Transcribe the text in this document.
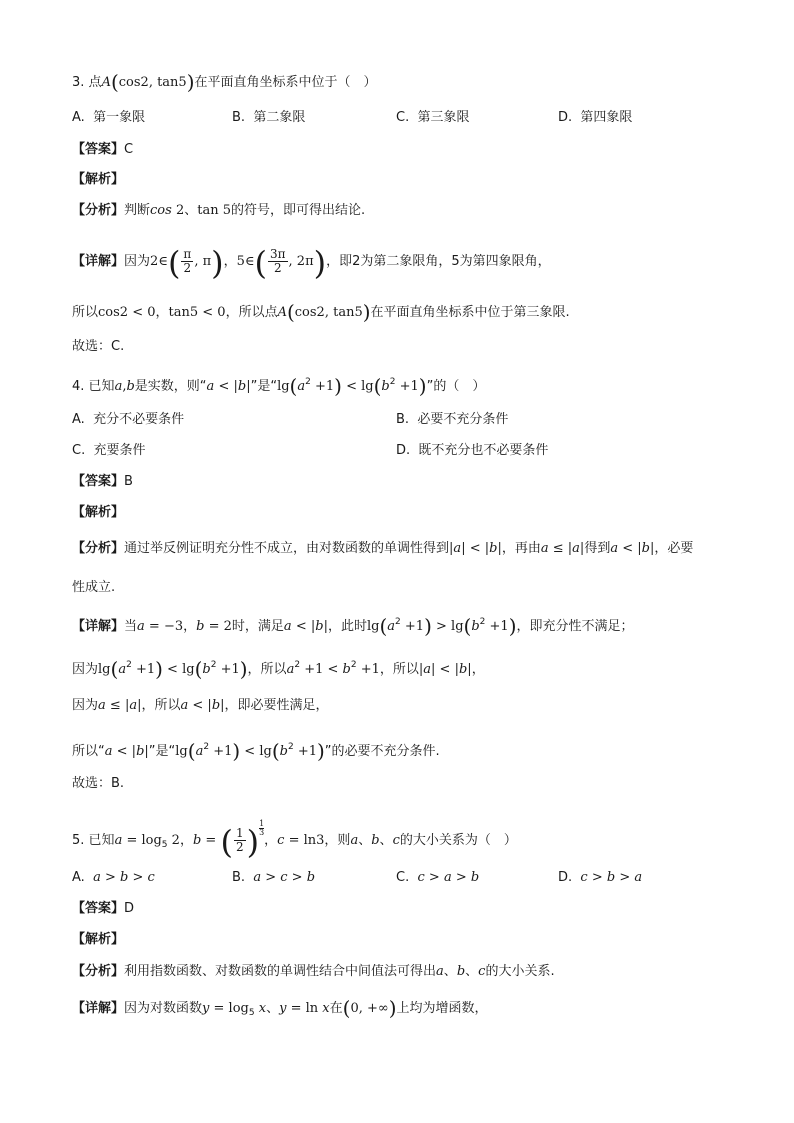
3. 点A(cos2, tan5)在平面直角坐标系中位于（　）
A. 第一象限	B. 第二象限	C. 第三象限	D. 第四象限
【答案】C
【解析】
【分析】判断cos 2、tan 5的符号，即可得出结论.
【详解】因为2∈( $\frac{\pi}{2}$ , π)，5∈( $\frac{3\pi}{2}$ , 2π)，即2为第二象限角，5为第四象限角，
所以cos2 < 0，tan5 < 0，所以点A(cos2, tan5)在平面直角坐标系中位于第三象限.
故选：C.
4. 已知a,b是实数，则“a < |b|”是“$\lg(a^2 +1) < \lg(b^2 +1)$”的（　）
A. 充分不必要条件	B. 必要不充分条件
C. 充要条件	D. 既不充分也不必要条件
【答案】B
【解析】
【分析】通过举反例证明充分性不成立，由对数函数的单调性得到|a| < |b|，再由a ≤ |a|得到a < |b|，必要
性成立.
【详解】当a = −3，b = 2时，满足a < |b|，此时$\lg(a^2 +1) > \lg(b^2 +1)$，即充分性不满足；
因为$\lg(a^2 +1) < \lg(b^2 +1)$，所以$a^2 +1 < b^2 +1$，所以|a| < |b|，
因为a ≤ |a|，所以a < |b|，即必要性满足，
所以“a < |b|”是“$\lg(a^2 +1) < \lg(b^2 +1)$”的必要不充分条件.
故选：B.
5. 已知$a = \log_5 2$，b = ( $\frac{1}{2}$ ) $^{\frac{1}{3}}$
，c = ln3，则a、b、c的大小关系为（　）
A. a > b > c	B. a > c > b	C. c > a > b	D. c > b > a
【答案】D
【解析】
【分析】利用指数函数、对数函数的单调性结合中间值法可得出a、b、c的大小关系.
【详解】因为对数函数$y = \log_5 x$、y = ln x在(0, +∞)上均为增函数，
